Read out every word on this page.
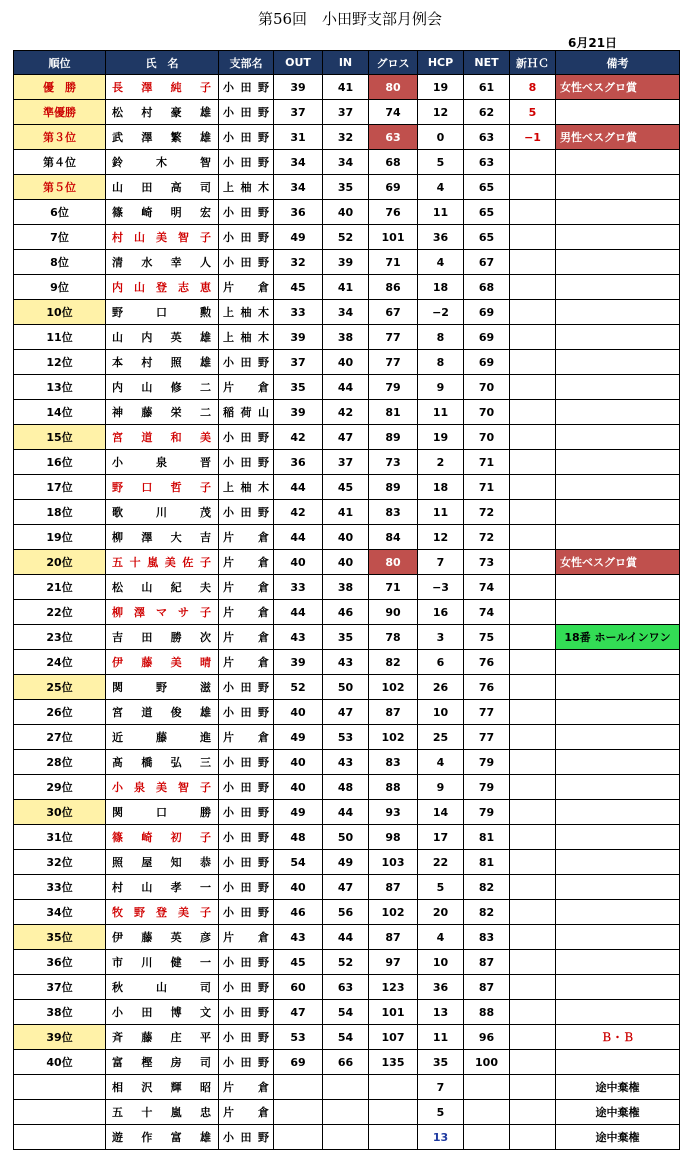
第56回　小田野支部月例会
6月21日
順位	氏　名	支部名	OUT	IN	グロス	HCP	NET	新ＨＣ	備考
優　勝	長澤純子	小田野	39	41	80	19	61	8	女性ベスグロ賞
準優勝	松村豪雄	小田野	37	37	74	12	62	5	
第３位	武澤繁雄	小田野	31	32	63	0	63	−1	男性ベスグロ賞
第４位	鈴木智	小田野	34	34	68	5	63		
第５位	山田高司	上柚木	34	35	69	4	65		
6位	篠崎明宏	小田野	36	40	76	11	65		
7位	村山美智子	小田野	49	52	101	36	65		
8位	清水幸人	小田野	32	39	71	4	67		
9位	内山登志恵	片倉	45	41	86	18	68		
10位	野口勲	上柚木	33	34	67	−2	69		
11位	山内英雄	上柚木	39	38	77	8	69		
12位	本村照雄	小田野	37	40	77	8	69		
13位	内山修二	片倉	35	44	79	9	70		
14位	神藤栄二	稲荷山	39	42	81	11	70		
15位	宮道和美	小田野	42	47	89	19	70		
16位	小泉晋	小田野	36	37	73	2	71		
17位	野口哲子	上柚木	44	45	89	18	71		
18位	歌川茂	小田野	42	41	83	11	72		
19位	柳澤大吉	片倉	44	40	84	12	72		
20位	五十嵐美佐子	片倉	40	40	80	7	73		女性ベスグロ賞
21位	松山紀夫	片倉	33	38	71	−3	74		
22位	柳澤マサ子	片倉	44	46	90	16	74		
23位	吉田勝次	片倉	43	35	78	3	75		18番 ホールインワン
24位	伊藤美晴	片倉	39	43	82	6	76		
25位	関野滋	小田野	52	50	102	26	76		
26位	宮道俊雄	小田野	40	47	87	10	77		
27位	近藤進	片倉	49	53	102	25	77		
28位	髙橋弘三	小田野	40	43	83	4	79		
29位	小泉美智子	小田野	40	48	88	9	79		
30位	関口勝	小田野	49	44	93	14	79		
31位	篠崎初子	小田野	48	50	98	17	81		
32位	照屋知恭	小田野	54	49	103	22	81		
33位	村山孝一	小田野	40	47	87	5	82		
34位	牧野登美子	小田野	46	56	102	20	82		
35位	伊藤英彦	片倉	43	44	87	4	83		
36位	市川健一	小田野	45	52	97	10	87		
37位	秋山司	小田野	60	63	123	36	87		
38位	小田博文	小田野	47	54	101	13	88		
39位	斉藤庄平	小田野	53	54	107	11	96		Ｂ・Ｂ
40位	富樫房司	小田野	69	66	135	35	100		
	相沢輝昭	片倉				7			途中棄権
	五十嵐忠	片倉				5			途中棄権
	遊作富雄	小田野				13			途中棄権
